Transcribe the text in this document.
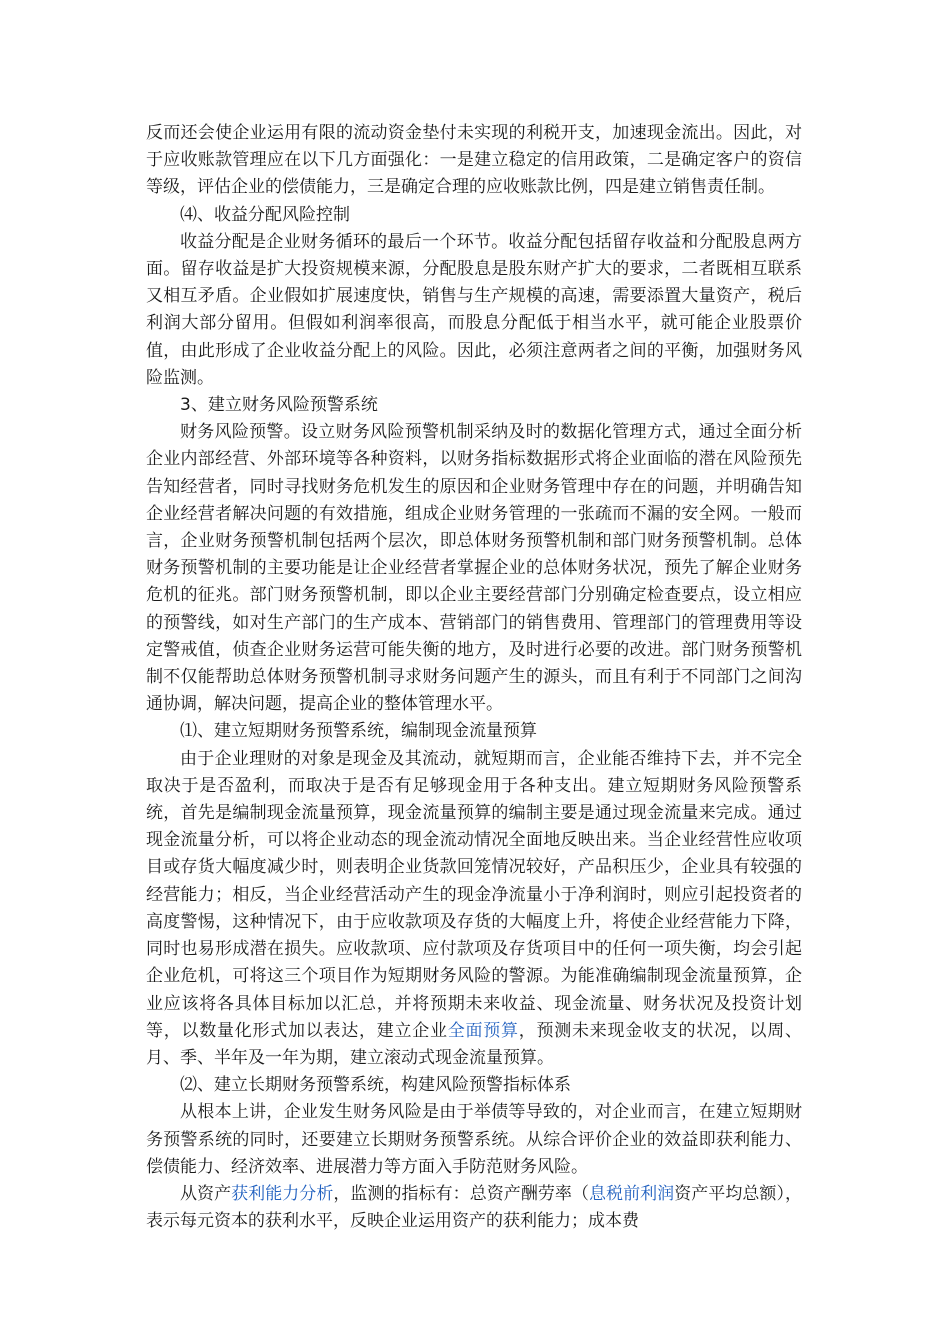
反而还会使企业运用有限的流动资金垫付未实现的利税开支，加速现金流出。因此，对于应收账款管理应在以下几方面强化：一是建立稳定的信用政策，二是确定客户的资信等级，评估企业的偿债能力，三是确定合理的应收账款比例，四是建立销售责任制。

⑷、收益分配风险控制

收益分配是企业财务循环的最后一个环节。收益分配包括留存收益和分配股息两方面。留存收益是扩大投资规模来源，分配股息是股东财产扩大的要求，二者既相互联系又相互矛盾。企业假如扩展速度快，销售与生产规模的高速，需要添置大量资产，税后利润大部分留用。但假如利润率很高，而股息分配低于相当水平，就可能企业股票价值，由此形成了企业收益分配上的风险。因此，必须注意两者之间的平衡，加强财务风险监测。

3、建立财务风险预警系统

财务风险预警。设立财务风险预警机制采纳及时的数据化管理方式，通过全面分析企业内部经营、外部环境等各种资料，以财务指标数据形式将企业面临的潜在风险预先告知经营者，同时寻找财务危机发生的原因和企业财务管理中存在的问题，并明确告知企业经营者解决问题的有效措施，组成企业财务管理的一张疏而不漏的安全网。一般而言，企业财务预警机制包括两个层次，即总体财务预警机制和部门财务预警机制。总体财务预警机制的主要功能是让企业经营者掌握企业的总体财务状况，预先了解企业财务危机的征兆。部门财务预警机制，即以企业主要经营部门分别确定检查要点，设立相应的预警线，如对生产部门的生产成本、营销部门的销售费用、管理部门的管理费用等设定警戒值，侦查企业财务运营可能失衡的地方，及时进行必要的改进。部门财务预警机制不仅能帮助总体财务预警机制寻求财务问题产生的源头，而且有利于不同部门之间沟通协调，解决问题，提高企业的整体管理水平。

⑴、建立短期财务预警系统，编制现金流量预算

由于企业理财的对象是现金及其流动，就短期而言，企业能否维持下去，并不完全取决于是否盈利，而取决于是否有足够现金用于各种支出。建立短期财务风险预警系统，首先是编制现金流量预算，现金流量预算的编制主要是通过现金流量来完成。通过现金流量分析，可以将企业动态的现金流动情况全面地反映出来。当企业经营性应收项目或存货大幅度减少时，则表明企业货款回笼情况较好，产品积压少，企业具有较强的经营能力；相反，当企业经营活动产生的现金净流量小于净利润时，则应引起投资者的高度警惕，这种情况下，由于应收款项及存货的大幅度上升，将使企业经营能力下降，同时也易形成潜在损失。应收款项、应付款项及存货项目中的任何一项失衡，均会引起企业危机，可将这三个项目作为短期财务风险的警源。为能准确编制现金流量预算，企业应该将各具体目标加以汇总，并将预期未来收益、现金流量、财务状况及投资计划等，以数量化形式加以表达，建立企业全面预算，预测未来现金收支的状况，以周、月、季、半年及一年为期，建立滚动式现金流量预算。

⑵、建立长期财务预警系统，构建风险预警指标体系

从根本上讲，企业发生财务风险是由于举债等导致的，对企业而言，在建立短期财务预警系统的同时，还要建立长期财务预警系统。从综合评价企业的效益即获利能力、偿债能力、经济效率、进展潜力等方面入手防范财务风险。

从资产获利能力分析，监测的指标有：总资产酬劳率（息税前利润资产平均总额），表示每元资本的获利水平，反映企业运用资产的获利能力；成本费
